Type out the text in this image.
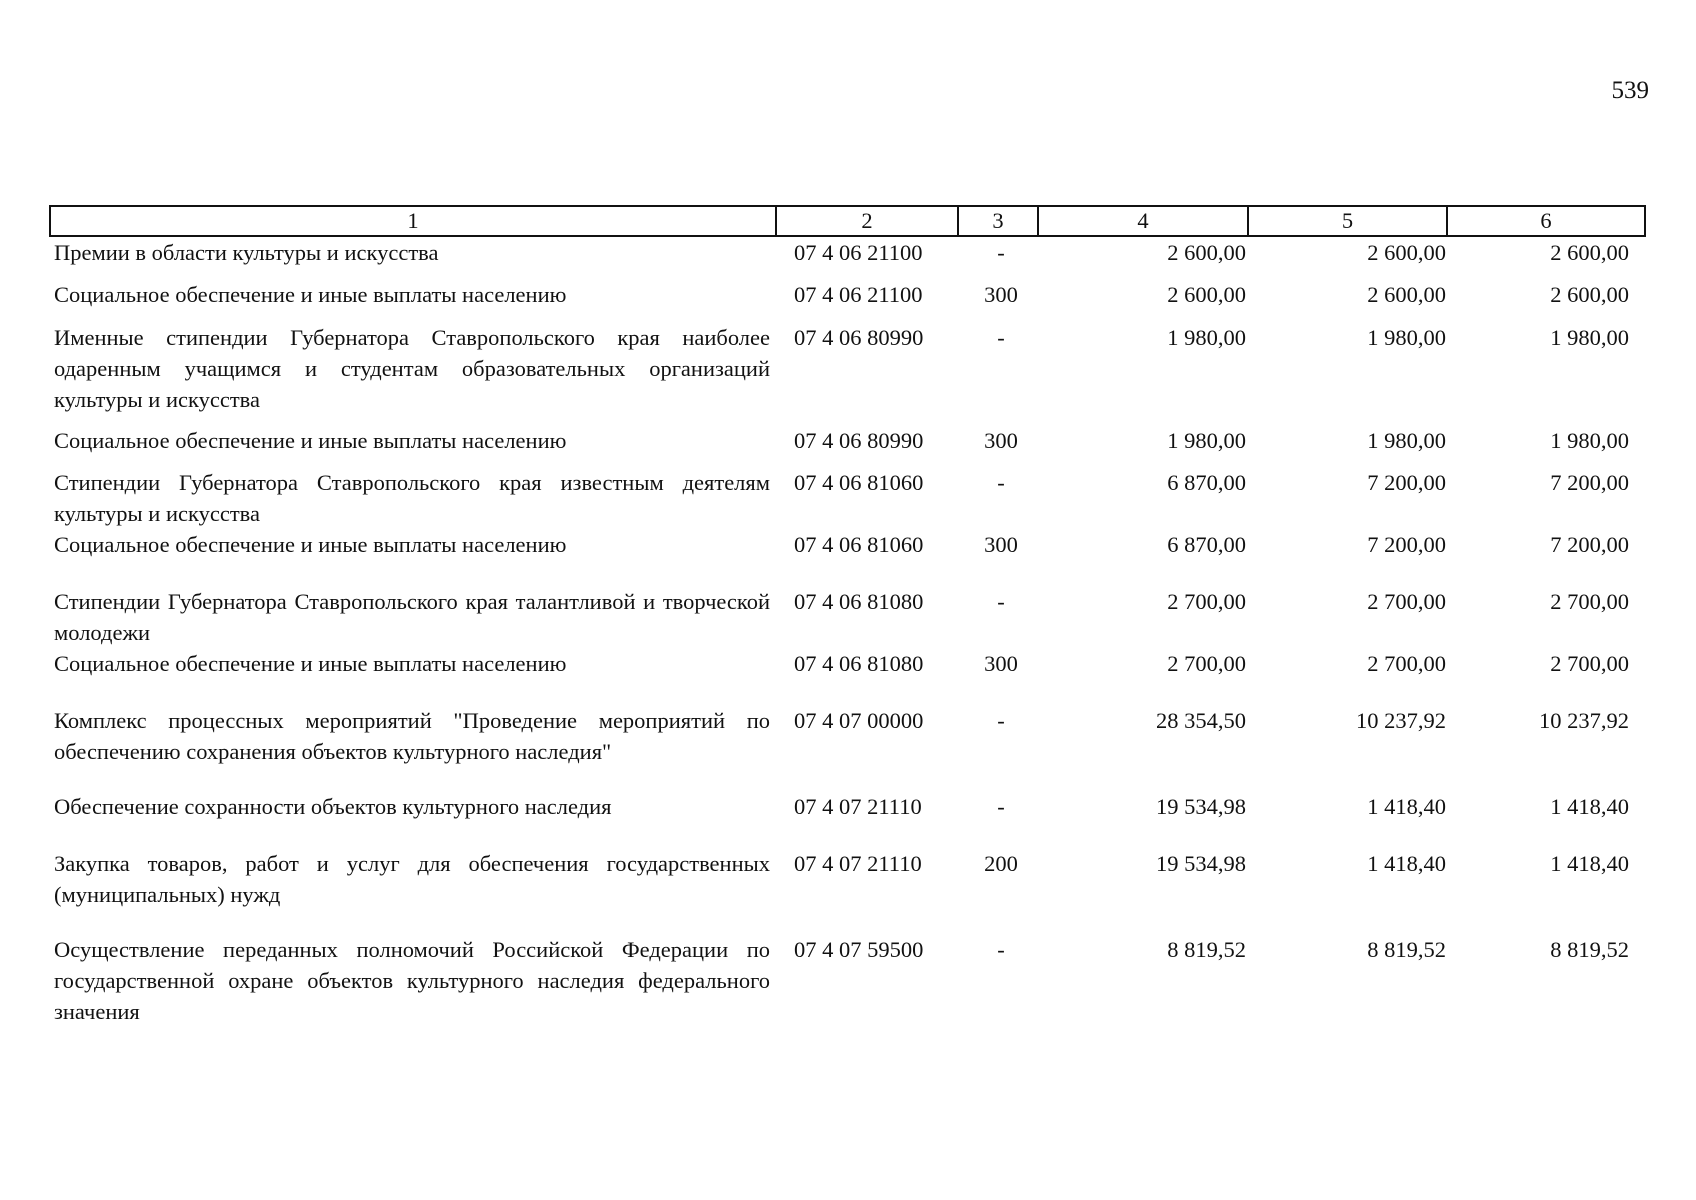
539
1	2	3	4	5	6
Премии в области культуры и искусства	07 4 06 21100	-	2 600,00	2 600,00	2 600,00
Социальное обеспечение и иные выплаты населению	07 4 06 21100	300	2 600,00	2 600,00	2 600,00
Именные стипендии Губернатора Ставропольского края наиболее одаренным учащимся и студентам образовательных организаций культуры и искусства	07 4 06 80990	-	1 980,00	1 980,00	1 980,00
Социальное обеспечение и иные выплаты населению	07 4 06 80990	300	1 980,00	1 980,00	1 980,00
Стипендии Губернатора Ставропольского края известным деятелям культуры и искусства	07 4 06 81060	-	6 870,00	7 200,00	7 200,00
Социальное обеспечение и иные выплаты населению	07 4 06 81060	300	6 870,00	7 200,00	7 200,00
Стипендии Губернатора Ставропольского края талантливой и творческой молодежи	07 4 06 81080	-	2 700,00	2 700,00	2 700,00
Социальное обеспечение и иные выплаты населению	07 4 06 81080	300	2 700,00	2 700,00	2 700,00
Комплекс процессных мероприятий "Проведение мероприятий по обеспечению сохранения объектов культурного наследия"	07 4 07 00000	-	28 354,50	10 237,92	10 237,92
Обеспечение сохранности объектов культурного наследия	07 4 07 21110	-	19 534,98	1 418,40	1 418,40
Закупка товаров, работ и услуг для обеспечения государственных (муниципальных) нужд	07 4 07 21110	200	19 534,98	1 418,40	1 418,40
Осуществление переданных полномочий Российской Федерации по государственной охране объектов культурного наследия федерального значения	07 4 07 59500	-	8 819,52	8 819,52	8 819,52
